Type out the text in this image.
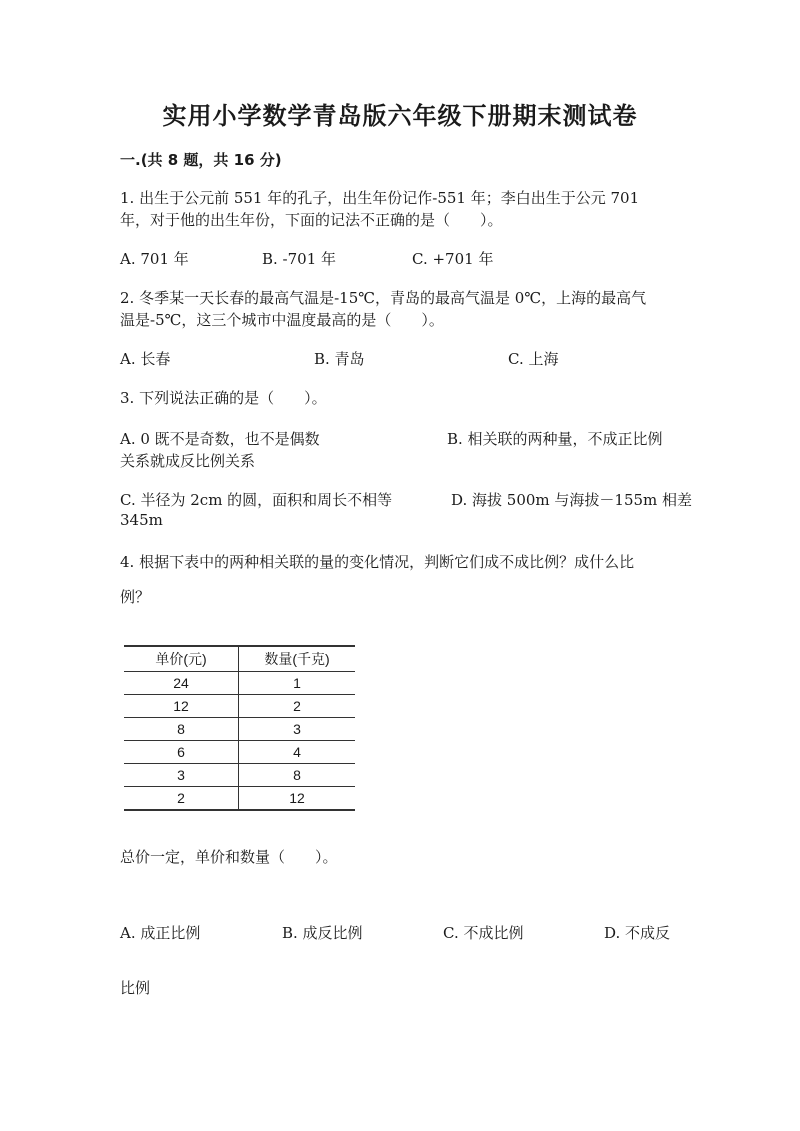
实用小学数学青岛版六年级下册期末测试卷
一.(共 8 题，共 16 分)
1. 出生于公元前 551 年的孔子，出生年份记作-551 年；李白出生于公元 701
年，对于他的出生年份，下面的记法不正确的是（　　）。
A. 701 年	B. -701 年	C. +701 年
2. 冬季某一天长春的最高气温是-15℃，青岛的最高气温是 0℃，上海的最高气
温是-5℃，这三个城市中温度最高的是（　　）。
A. 长春	B. 青岛	C. 上海
3. 下列说法正确的是（　　）。
A. 0 既不是奇数，也不是偶数	B. 相关联的两种量，不成正比例
关系就成反比例关系
C. 半径为 2cm 的圆，面积和周长不相等	D. 海拔 500m 与海拔－155m 相差
345m
4. 根据下表中的两种相关联的量的变化情况，判断它们成不成比例？成什么比
例？
单价(元)	数量(千克)
24	1
12	2
8	3
6	4
3	8
2	12
总价一定，单价和数量（　　）。
A. 成正比例	B. 成反比例	C. 不成比例	D. 不成反
比例
